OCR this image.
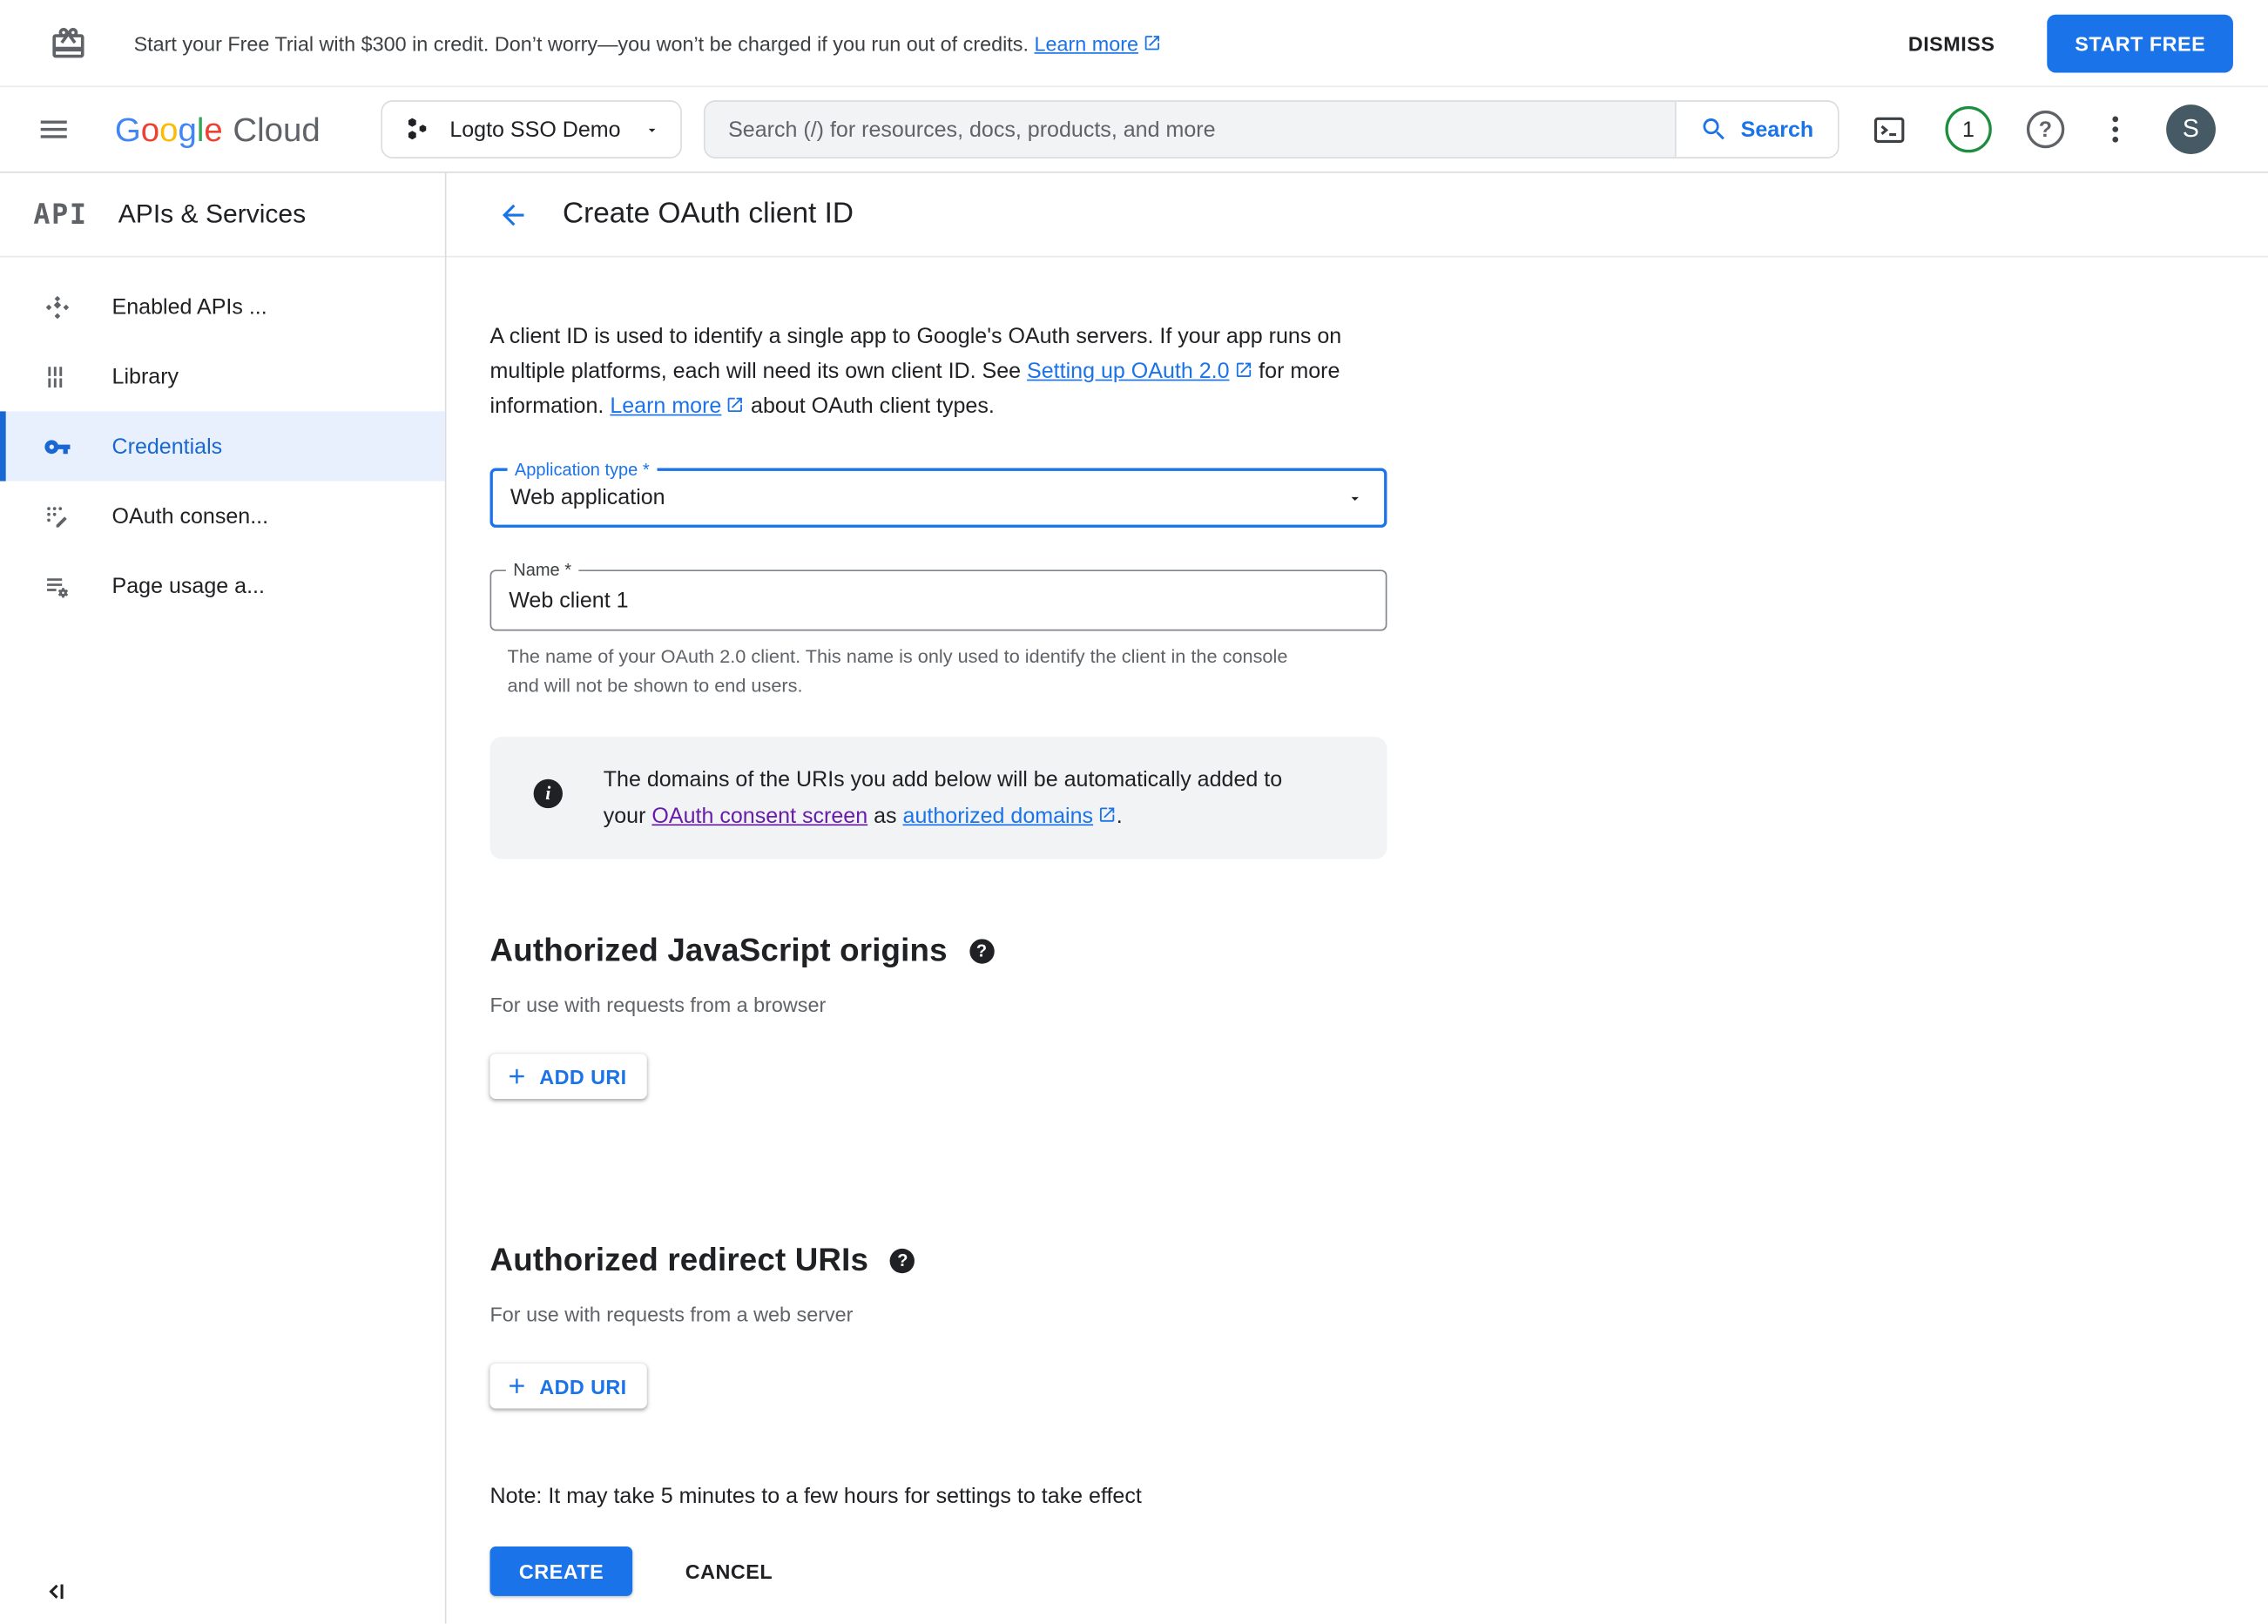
Start your Free Trial with $300 in credit. Don’t worry—you won’t be charged if you run out of credits. Learn more	DISMISS	START FREE
Google Cloud	Logto SSO Demo
Search (/) for resources, docs, products, and more	Search	1	?	S
API APIs & Services
Enabled APIs ...
Library
Credentials
OAuth consen...
Page usage a...
Create OAuth client ID

A client ID is used to identify a single app to Google's OAuth servers. If your app runs on multiple platforms, each will need its own client ID. See Setting up OAuth 2.0 for more information. Learn more about OAuth client types.

Application type *
Web application
Name *
Web client 1
The name of your OAuth 2.0 client. This name is only used to identify the client in the console and will not be shown to end users.
i
The domains of the URIs you add below will be automatically added to your OAuth consent screen as authorized domains .
Authorized JavaScript origins	?
For use with requests from a browser
ADD URI
Authorized redirect URIs	?
For use with requests from a web server
ADD URI
Note: It may take 5 minutes to a few hours for settings to take effect
CREATE	CANCEL
